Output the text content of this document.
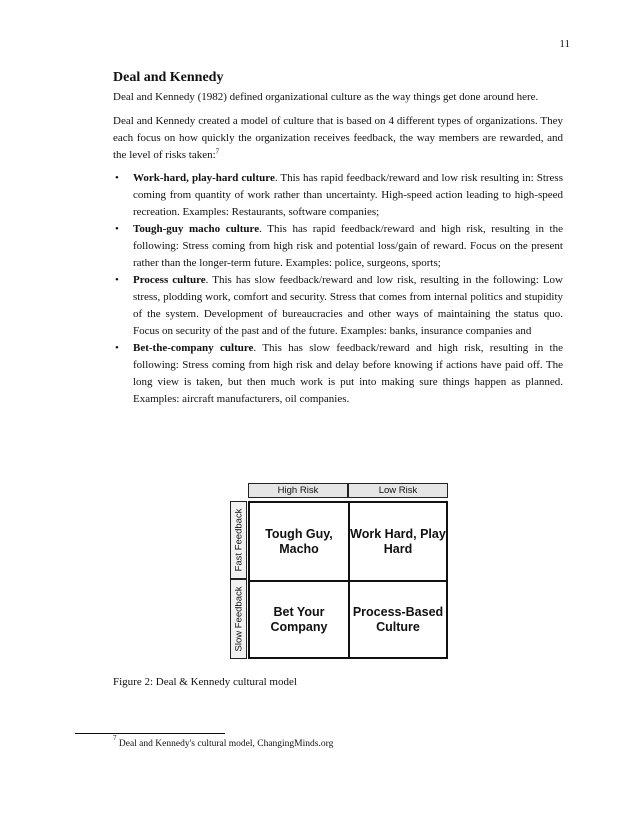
11
Deal and Kennedy

Deal and Kennedy (1982) defined organizational culture as the way things get done around here.

Deal and Kennedy created a model of culture that is based on 4 different types of organizations. They each focus on how quickly the organization receives feedback, the way members are rewarded, and the level of risks taken:$^7$

• Work-hard, play-hard culture. This has rapid feedback/reward and low risk resulting in: Stress coming from quantity of work rather than uncertainty. High-speed action leading to high-speed recreation. Examples: Restaurants, software companies;
• Tough-guy macho culture. This has rapid feedback/reward and high risk, resulting in the following: Stress coming from high risk and potential loss/gain of reward. Focus on the present rather than the longer-term future. Examples: police, surgeons, sports;
• Process culture. This has slow feedback/reward and low risk, resulting in the following: Low stress, plodding work, comfort and security. Stress that comes from internal politics and stupidity of the system. Development of bureaucracies and other ways of maintaining the status quo. Focus on security of the past and of the future. Examples: banks, insurance companies and
• Bet-the-company culture. This has slow feedback/reward and high risk, resulting in the following: Stress coming from high risk and delay before knowing if actions have paid off. The long view is taken, but then much work is put into making sure things happen as planned. Examples: aircraft manufacturers, oil companies.
High Risk	Low Risk
Fast Feedback
Slow Feedback
Tough Guy, Macho
Work Hard, Play Hard
Bet Your Company
Process-Based Culture
Figure 2: Deal & Kennedy cultural model
$^7$ Deal and Kennedy's cultural model, ChangingMinds.org
